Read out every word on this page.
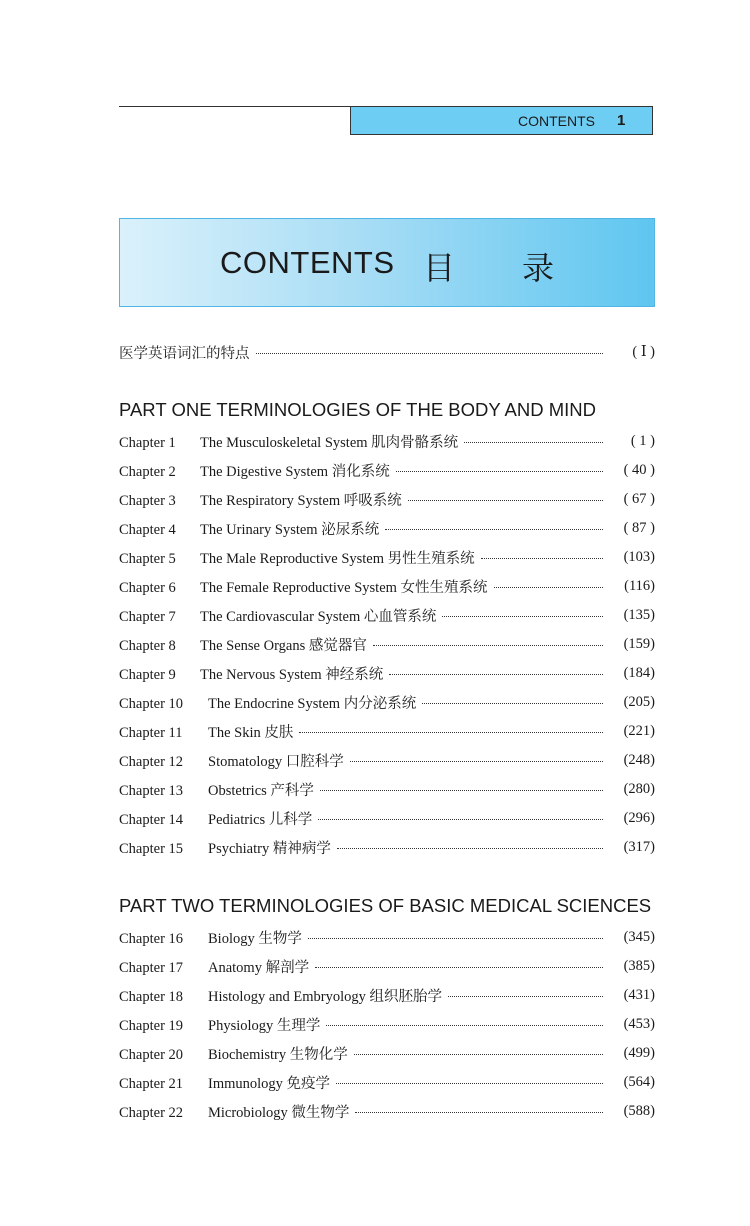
CONTENTS 1
CONTENTS 目 录
医学英语词汇的特点	( Ⅰ )
PART ONE TERMINOLOGIES OF THE BODY AND MIND
Chapter 1 The Musculoskeletal System 肌肉骨骼系统	( 1 )
Chapter 2 The Digestive System 消化系统	( 40 )
Chapter 3 The Respiratory System 呼吸系统	( 67 )
Chapter 4 The Urinary System 泌尿系统	( 87 )
Chapter 5 The Male Reproductive System 男性生殖系统	(103)
Chapter 6 The Female Reproductive System 女性生殖系统	(116)
Chapter 7 The Cardiovascular System 心血管系统	(135)
Chapter 8 The Sense Organs 感觉器官	(159)
Chapter 9 The Nervous System 神经系统	(184)
Chapter 10 The Endocrine System 内分泌系统	(205)
Chapter 11 The Skin 皮肤	(221)
Chapter 12 Stomatology 口腔科学	(248)
Chapter 13 Obstetrics 产科学	(280)
Chapter 14 Pediatrics 儿科学	(296)
Chapter 15 Psychiatry 精神病学	(317)
PART TWO TERMINOLOGIES OF BASIC MEDICAL SCIENCES
Chapter 16 Biology 生物学	(345)
Chapter 17 Anatomy 解剖学	(385)
Chapter 18 Histology and Embryology 组织胚胎学	(431)
Chapter 19 Physiology 生理学	(453)
Chapter 20 Biochemistry 生物化学	(499)
Chapter 21 Immunology 免疫学	(564)
Chapter 22 Microbiology 微生物学	(588)
